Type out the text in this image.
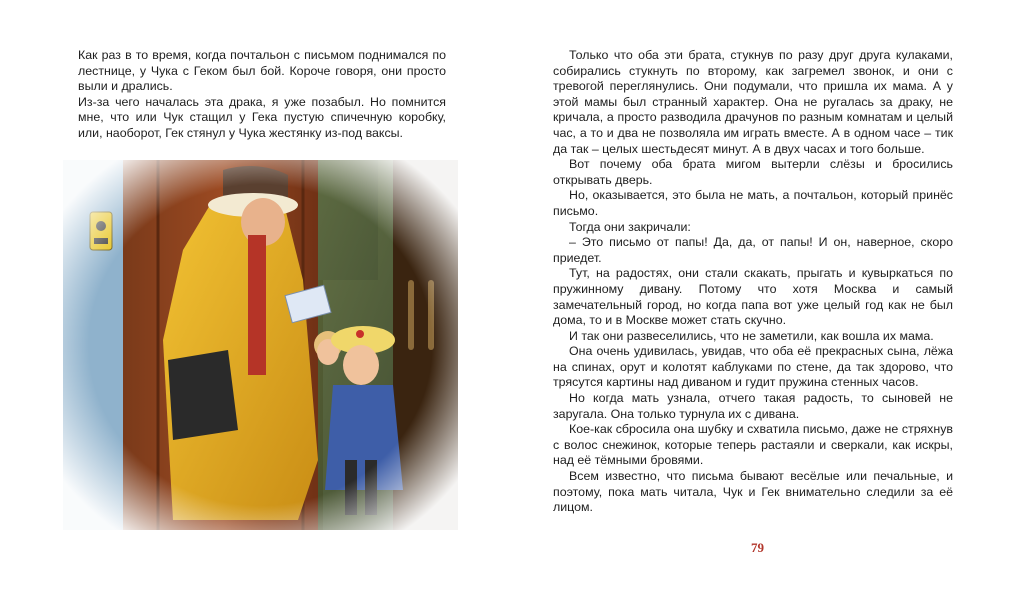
Как раз в то время, когда почтальон с письмом поднимался по лестнице, у Чука с Геком был бой. Короче говоря, они просто выли и дрались.

Из-за чего началась эта драка, я уже позабыл. Но помнится мне, что или Чук стащил у Гека пустую спичечную коробку, или, наоборот, Гек стянул у Чука жестянку из-под ваксы.

Только что оба эти брата, стукнув по разу друг друга кулаками, собирались стукнуть по второму, как загремел звонок, и они с тревогой переглянулись. Они подумали, что пришла их мама. А у этой мамы был странный характер. Она не ругалась за драку, не кричала, а просто разводила драчунов по разным комнатам и целый час, а то и два не позволяла им играть вместе. А в одном часе – тик да так – целых шестьдесят минут. А в двух часах и того больше.

Вот почему оба брата мигом вытерли слёзы и бросились открывать дверь.

Но, оказывается, это была не мать, а почтальон, который принёс письмо.

Тогда они закричали:

– Это письмо от папы! Да, да, от папы! И он, наверное, скоро приедет.

Тут, на радостях, они стали скакать, прыгать и кувыркаться по пружинному дивану. Потому что хотя Москва и самый замечательный город, но когда папа вот уже целый год как не был дома, то и в Москве может стать скучно.

И так они развеселились, что не заметили, как вошла их мама.

Она очень удивилась, увидав, что оба её прекрасных сына, лёжа на спинах, орут и колотят каблуками по стене, да так здорово, что трясутся картины над диваном и гудит пружина стенных часов.

Но когда мать узнала, отчего такая радость, то сыновей не заругала. Она только турнула их с дивана.

Кое-как сбросила она шубку и схватила письмо, даже не стряхнув с волос снежинок, которые теперь растаяли и сверкали, как искры, над её тёмными бровями.

Всем известно, что письма бывают весёлые или печальные, и поэтому, пока мать читала, Чук и Гек внимательно следили за её лицом.

79
